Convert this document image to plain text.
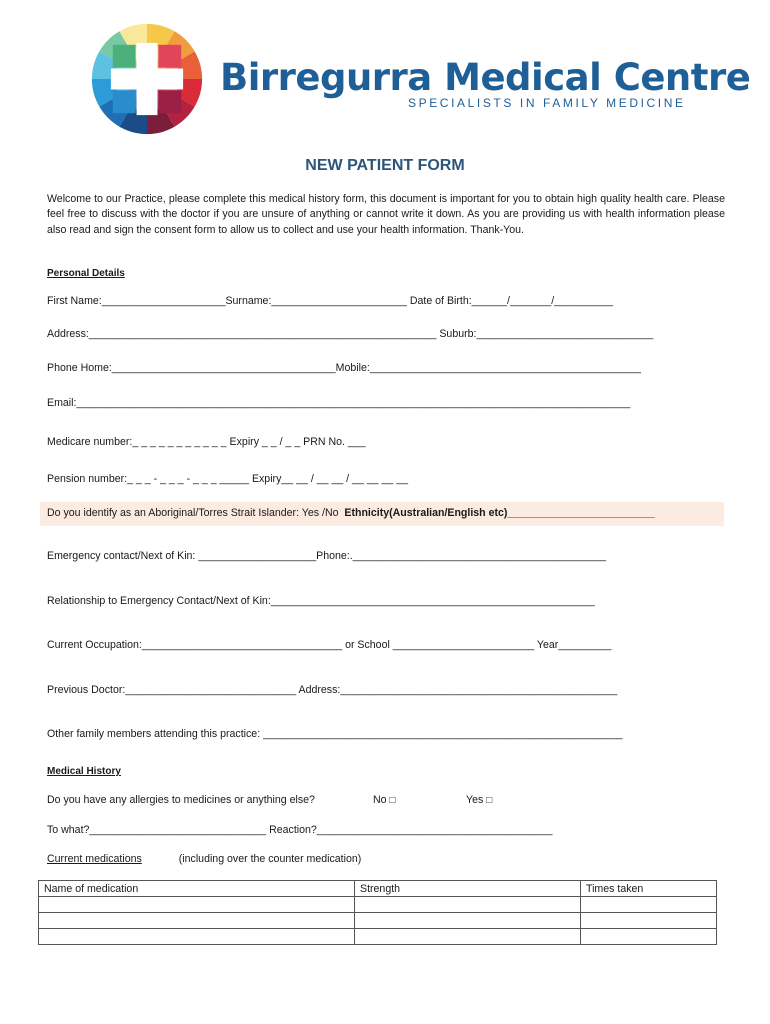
Birregurra Medical Centre
SPECIALISTS IN FAMILY MEDICINE
NEW PATIENT FORM
Welcome to our Practice, please complete this medical history form, this document is important for you to obtain high quality health care. Please feel free to discuss with the doctor if you are unsure of anything or cannot write it down. As you are providing us with health information please also read and sign the consent form to allow us to collect and use your health information. Thank-You.
Personal Details
First Name:_____________________Surname:_______________________ Date of Birth:______/_______/__________
Address:___________________________________________________________ Suburb:______________________________
Phone Home:______________________________________Mobile:______________________________________________
Email:______________________________________________________________________________________________
Medicare number:_ _ _ _ _ _ _ _ _ _ _ Expiry _ _ / _ _ PRN No. ___
Pension number:_ _ _ - _ _ _ - _ _ _ _____ Expiry__ __ / __ __ / __ __ __ __
Do you identify as an Aboriginal/Torres Strait Islander: Yes /No Ethnicity(Australian/English etc)_________________________
Emergency contact/Next of Kin: ____________________Phone:.___________________________________________
Relationship to Emergency Contact/Next of Kin:_______________________________________________________
Current Occupation:__________________________________ or School ________________________ Year_________
Previous Doctor:_____________________________ Address:_______________________________________________
Other family members attending this practice: _____________________________________________________________
Medical History
Do you have any allergies to medicines or anything else?	No □	Yes □
To what?______________________________ Reaction?________________________________________
Current medications	(including over the counter medication)
Name of medication	Strength	Times taken
